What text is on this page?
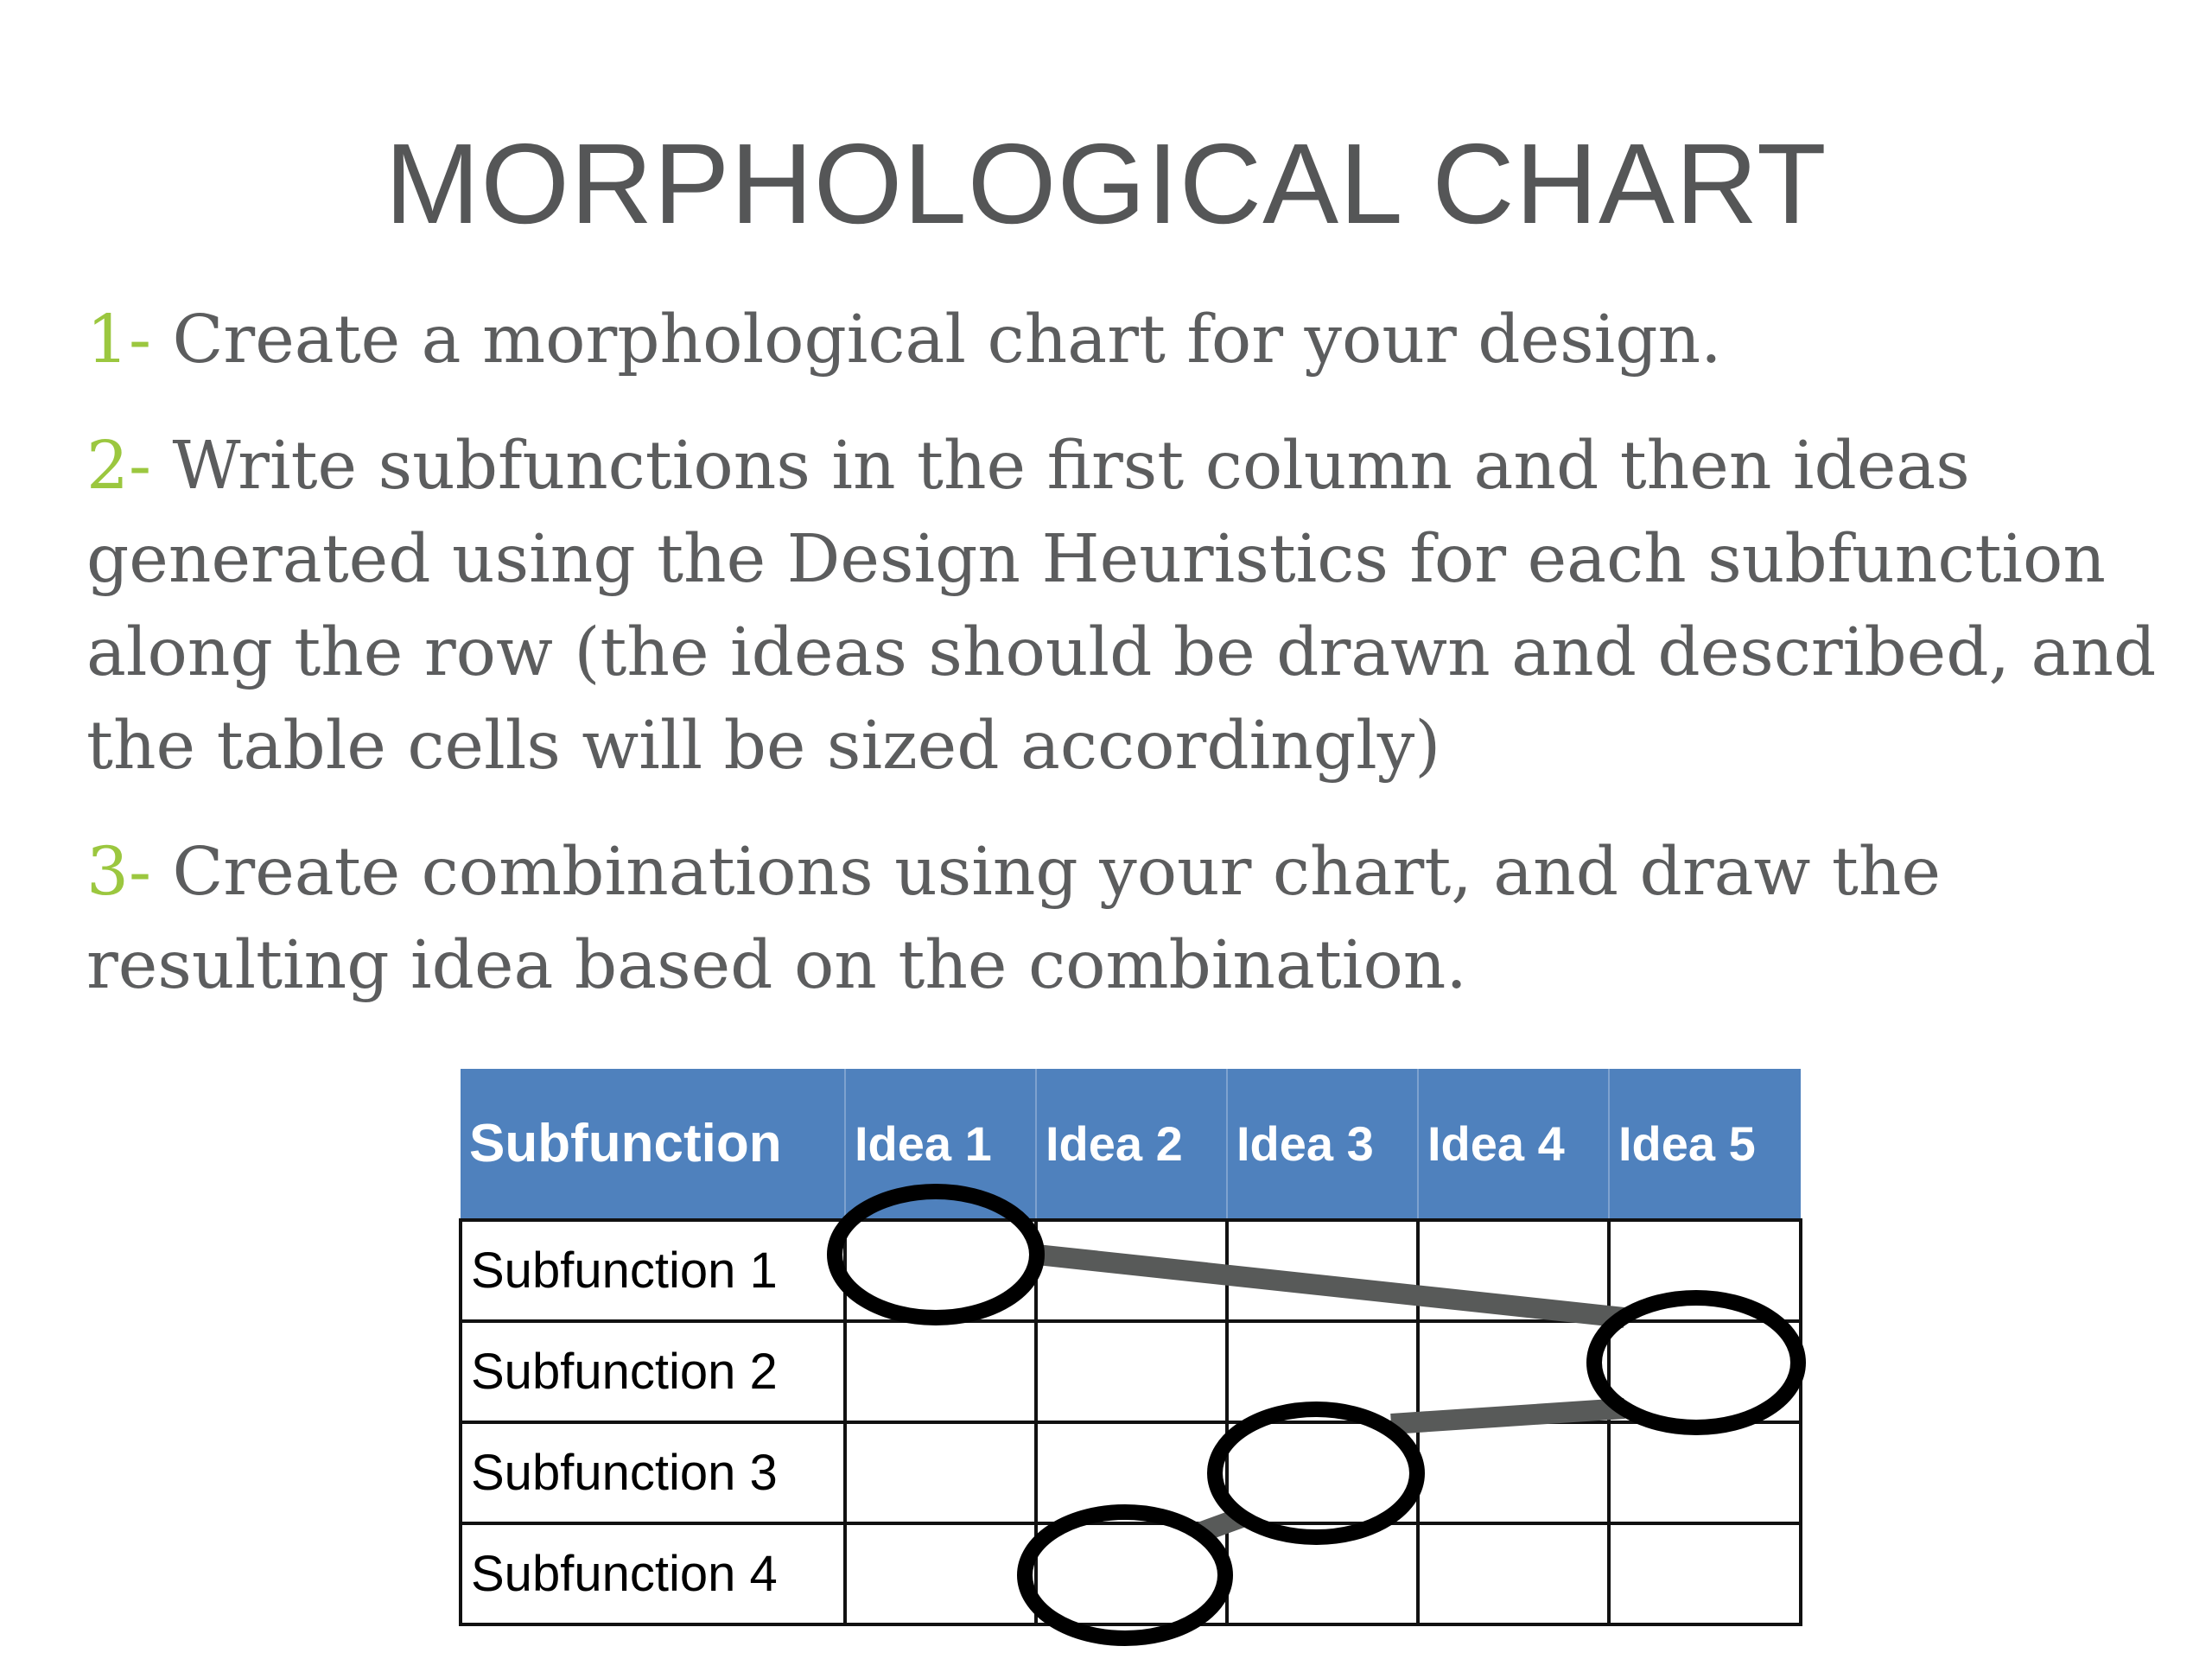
MORPHOLOGICAL CHART

1- Create a morphological chart for your design.

2- Write subfunctions in the first column and then ideas generated using the Design Heuristics for each subfunction along the row (the ideas should be drawn and described, and the table cells will be sized accordingly)

3- Create combinations using your chart, and draw the resulting idea based on the combination.

Subfunction	Idea 1	Idea 2	Idea 3	Idea 4	Idea 5
Subfunction 1					
Subfunction 2					
Subfunction 3					
Subfunction 4					
